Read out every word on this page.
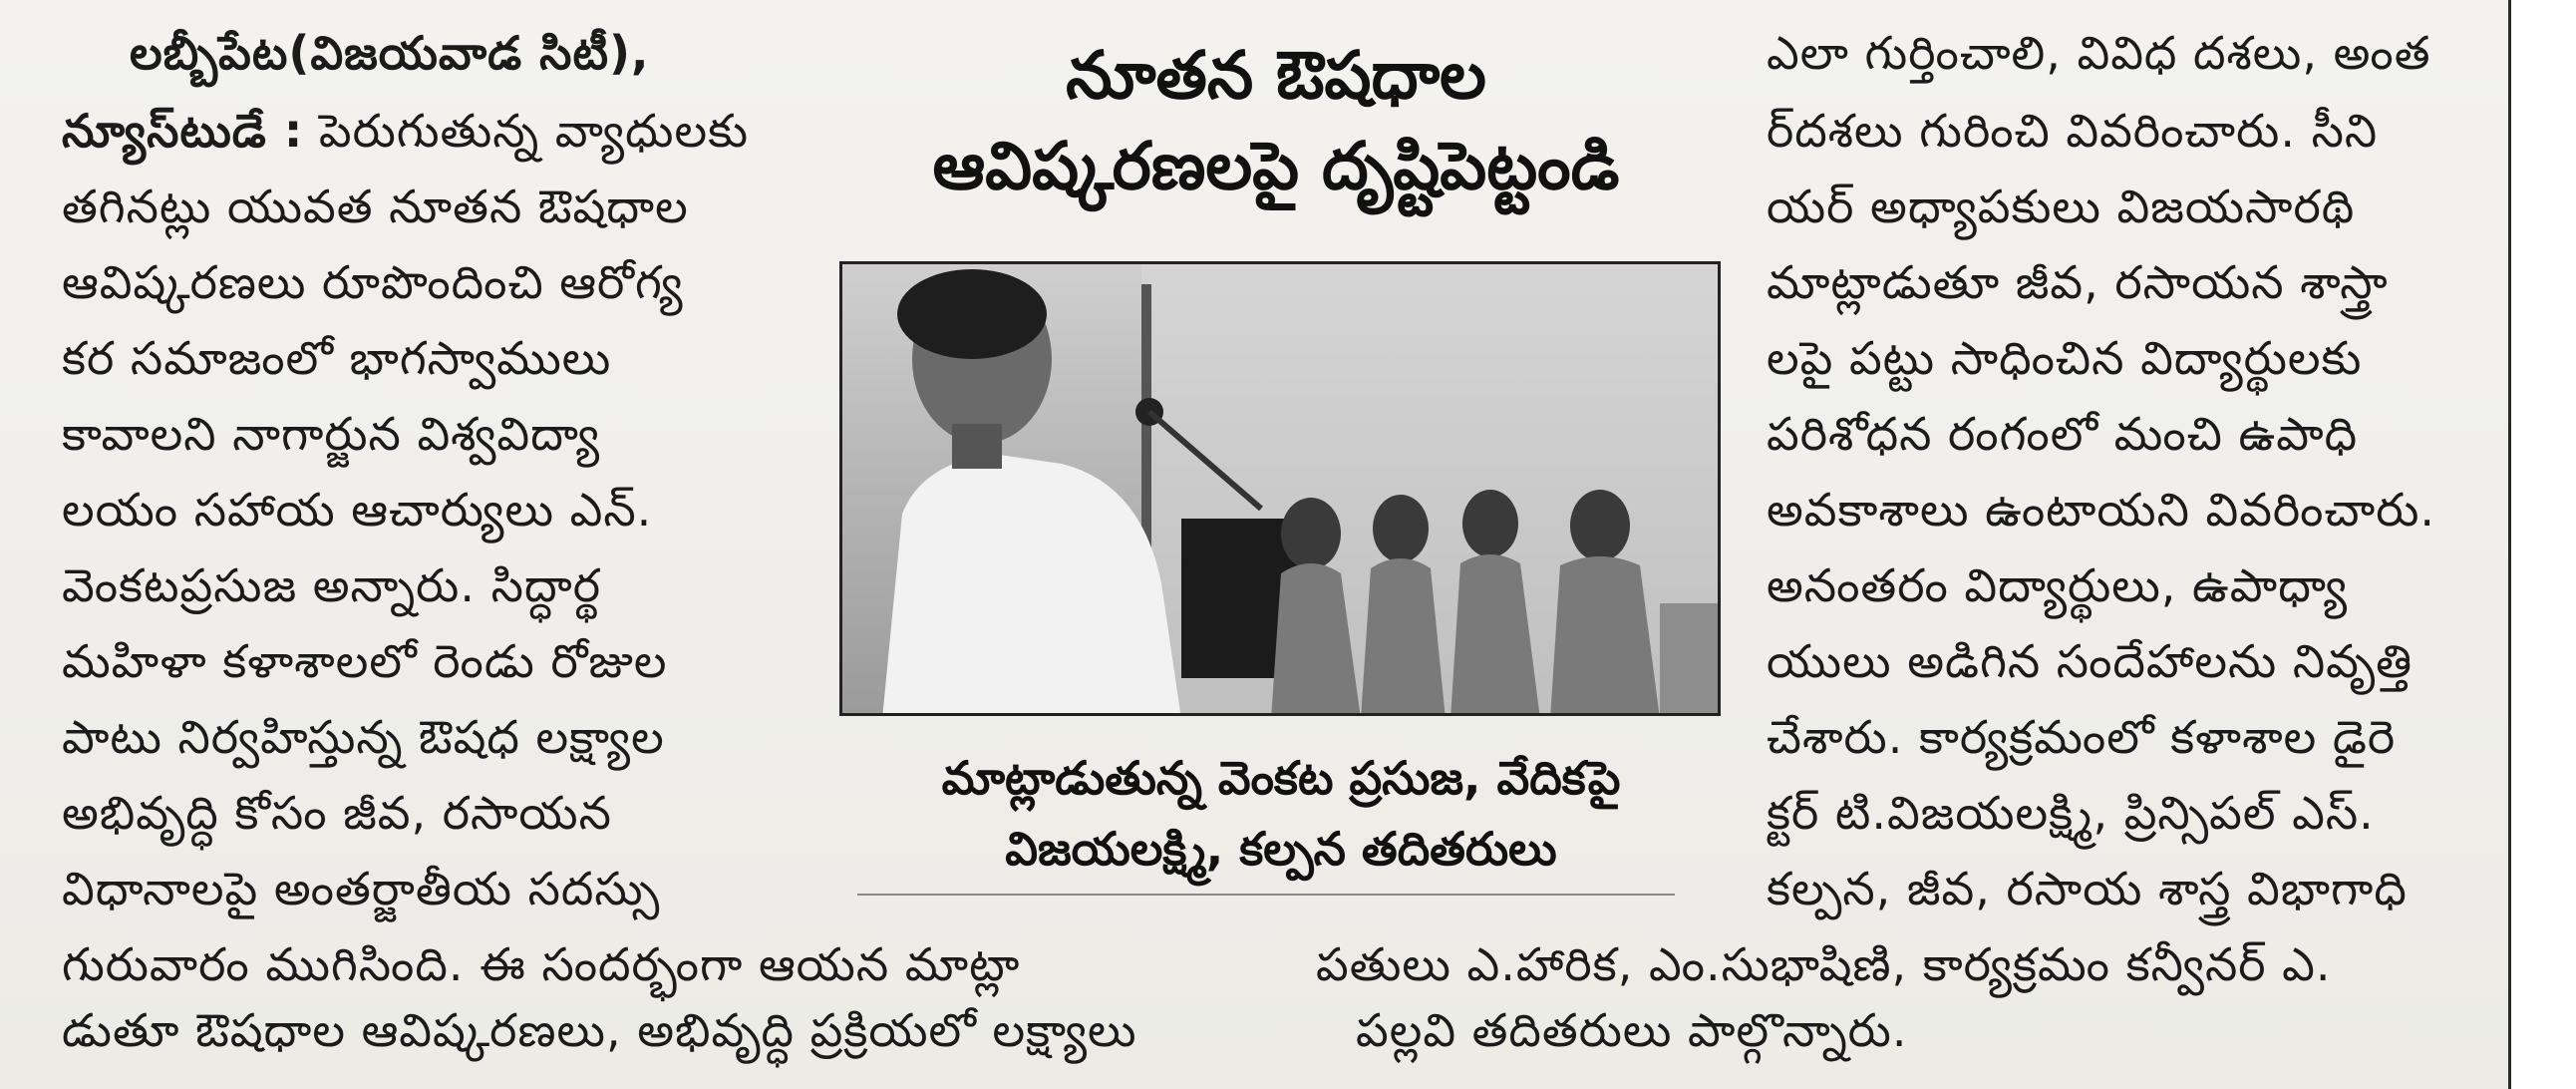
లబ్బీపేట(విజయవాడ సిటీ),
న్యూస్‌టుడే : పెరుగుతున్న వ్యాధులకు
తగినట్లు యువత నూతన ఔషధాల
ఆవిష్కరణలు రూపొందించి ఆరోగ్య
కర సమాజంలో భాగస్వాములు
కావాలని నాగార్జున విశ్వవిద్యా
లయం సహాయ ఆచార్యులు ఎన్.
వెంకటప్రసుజ అన్నారు. సిద్ధార్థ
మహిళా కళాశాలలో రెండు రోజుల
పాటు నిర్వహిస్తున్న ఔషధ లక్ష్యాల
అభివృద్ధి కోసం జీవ, రసాయన
విధానాలపై అంతర్జాతీయ సదస్సు
గురువారం ముగిసింది. ఈ సందర్భంగా ఆయన మాట్లా
డుతూ ఔషధాల ఆవిష్కరణలు, అభివృద్ధి ప్రక్రియలో లక్ష్యాలు
నూతన ఔషధాల
ఆవిష్కరణలపై దృష్టిపెట్టండి
మాట్లాడుతున్న వెంకట ప్రసుజ, వేదికపై
విజయలక్ష్మి, కల్పన తదితరులు
ఎలా గుర్తించాలి, వివిధ దశలు, అంత
ర్‌దశలు గురించి వివరించారు. సీని
యర్ అధ్యాపకులు విజయసారథి
మాట్లాడుతూ జీవ, రసాయన శాస్త్రా
లపై పట్టు సాధించిన విద్యార్థులకు
పరిశోధన రంగంలో మంచి ఉపాధి
అవకాశాలు ఉంటాయని వివరించారు.
అనంతరం విద్యార్థులు, ఉపాధ్యా
యులు అడిగిన సందేహాలను నివృత్తి
చేశారు. కార్యక్రమంలో కళాశాల డైరె
క్టర్ టి.విజయలక్ష్మి, ప్రిన్సిపల్ ఎస్.
కల్పన, జీవ, రసాయ శాస్త్ర విభాగాధి
పతులు ఎ.హారిక, ఎం.సుభాషిణి, కార్యక్రమం కన్వీనర్ ఎ.
పల్లవి తదితరులు పాల్గొన్నారు.
